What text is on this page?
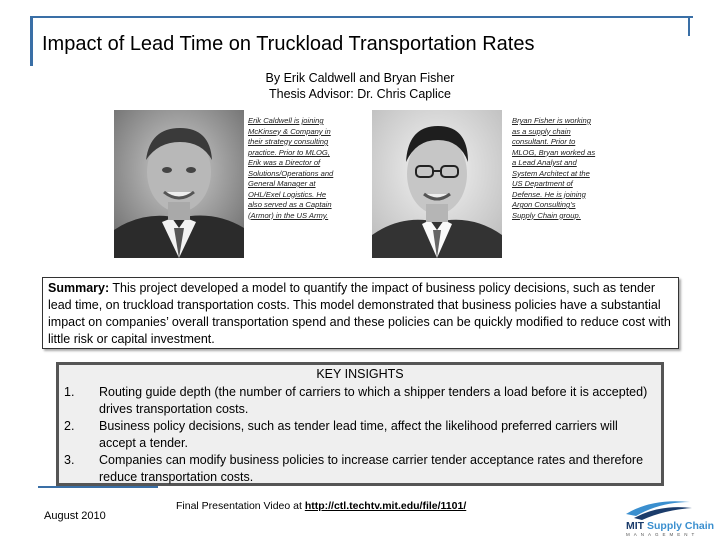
Impact of Lead Time on Truckload Transportation Rates
By Erik Caldwell and Bryan Fisher
Thesis Advisor: Dr. Chris Caplice
Erik Caldwell is joining
McKinsey & Company in
their strategy consulting
practice. Prior to MLOG,
Erik was a Director of
Solutions/Operations and
General Manager at
OHL/Exel Logistics. He
also served as a Captain
(Armor) in the US Army.
Bryan Fisher is working
as a supply chain
consultant. Prior to
MLOG, Bryan worked as
a Lead Analyst and
System Architect at the
US Department of
Defense. He is joining
Argon Consulting's
Supply Chain group.
Summary: This project developed a model to quantify the impact of business policy decisions, such as tender lead time, on truckload transportation costs. This model demonstrated that business policies have a substantial impact on companies’ overall transportation spend and these policies can be quickly modified to reduce cost with little risk or capital investment.
KEY INSIGHTS
1. Routing guide depth (the number of carriers to which a shipper tenders a load before it is accepted) drives transportation costs.
2. Business policy decisions, such as tender lead time, affect the likelihood preferred carriers will accept a tender.
3. Companies can modify business policies to increase carrier tender acceptance rates and therefore reduce transportation costs.
August 2010
Final Presentation Video at http://ctl.techtv.mit.edu/file/1101/
MIT Supply Chain
MANAGEMENT
